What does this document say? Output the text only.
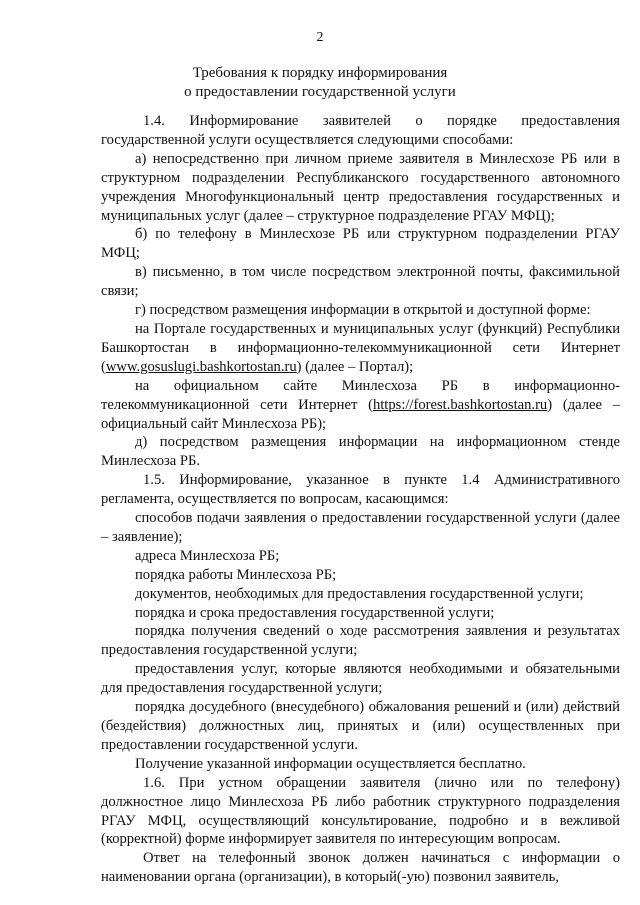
2
Требования к порядку информирования
о предоставлении государственной услуги

1.4. Информирование заявителей о порядке предоставления государственной услуги осуществляется следующими способами:

а) непосредственно при личном приеме заявителя в Минлесхозе РБ или в структурном подразделении Республиканского государственного автономного учреждения Многофункциональный центр предоставления государственных и муниципальных услуг (далее – структурное подразделение РГАУ МФЦ);

б) по телефону в Минлесхозе РБ или структурном подразделении РГАУ МФЦ;

в) письменно, в том числе посредством электронной почты, факсимильной связи;

г) посредством размещения информации в открытой и доступной форме:

на Портале государственных и муниципальных услуг (функций) Республики Башкортостан в информационно-телекоммуникационной сети Интернет (www.gosuslugi.bashkortostan.ru) (далее – Портал);

на официальном сайте Минлесхоза РБ в информационно-телекоммуникационной сети Интернет (https://forest.bashkortostan.ru) (далее – официальный сайт Минлесхоза РБ);

д) посредством размещения информации на информационном стенде Минлесхоза РБ.

1.5. Информирование, указанное в пункте 1.4 Административного регламента, осуществляется по вопросам, касающимся:

способов подачи заявления о предоставлении государственной услуги (далее – заявление);

адреса Минлесхоза РБ;

порядка работы Минлесхоза РБ;

документов, необходимых для предоставления государственной услуги;

порядка и срока предоставления государственной услуги;

порядка получения сведений о ходе рассмотрения заявления и результатах предоставления государственной услуги;

предоставления услуг, которые являются необходимыми и обязательными для предоставления государственной услуги;

порядка досудебного (внесудебного) обжалования решений и (или) действий (бездействия) должностных лиц, принятых и (или) осуществленных при предоставлении государственной услуги.

Получение указанной информации осуществляется бесплатно.

1.6. При устном обращении заявителя (лично или по телефону) должностное лицо Минлесхоза РБ либо работник структурного подразделения РГАУ МФЦ, осуществляющий консультирование, подробно и в вежливой (корректной) форме информирует заявителя по интересующим вопросам.

Ответ на телефонный звонок должен начинаться с информации о наименовании органа (организации), в который(-ую) позвонил заявитель,
